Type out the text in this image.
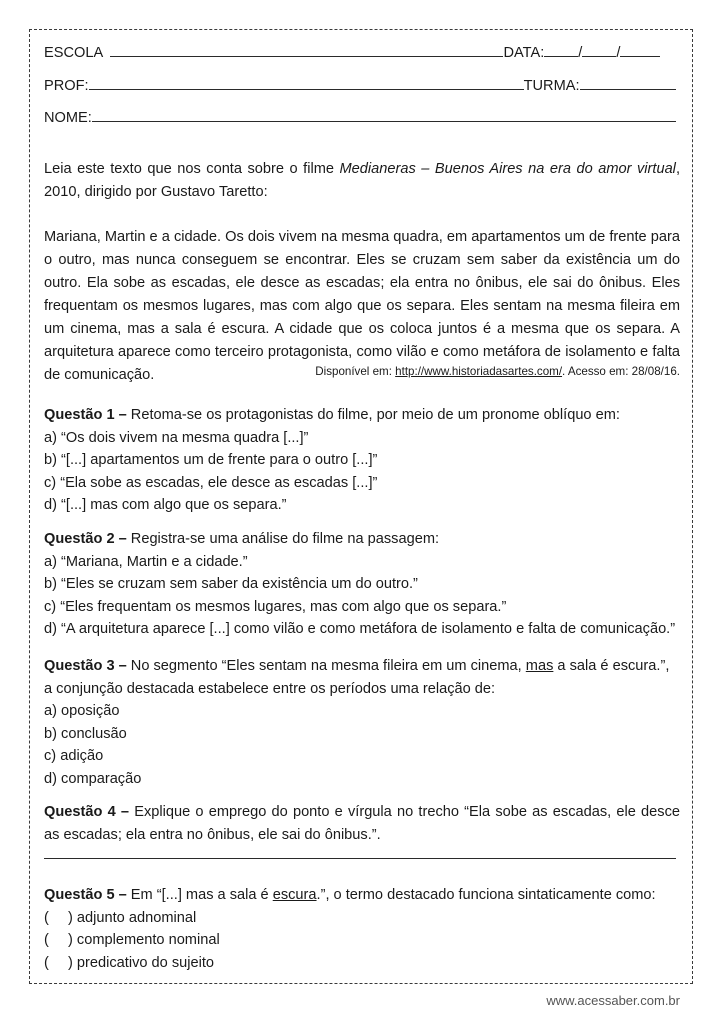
ESCOLA	DATA: / /
PROF:	TURMA:
NOME:
Leia este texto que nos conta sobre o filme Medianeras – Buenos Aires na era do amor virtual, 2010, dirigido por Gustavo Taretto:
Mariana, Martin e a cidade. Os dois vivem na mesma quadra, em apartamentos um de frente para o outro, mas nunca conseguem se encontrar. Eles se cruzam sem saber da existência um do outro. Ela sobe as escadas, ele desce as escadas; ela entra no ônibus, ele sai do ônibus. Eles frequentam os mesmos lugares, mas com algo que os separa. Eles sentam na mesma fileira em um cinema, mas a sala é escura. A cidade que os coloca juntos é a mesma que os separa. A arquitetura aparece como terceiro protagonista, como vilão e como metáfora de isolamento e falta de comunicação.	Disponível em: http://www.historiadasartes.com/. Acesso em: 28/08/16.
Questão 1 – Retoma-se os protagonistas do filme, por meio de um pronome oblíquo em:
a) “Os dois vivem na mesma quadra [...]”
b) “[...] apartamentos um de frente para o outro [...]”
c) “Ela sobe as escadas, ele desce as escadas [...]”
d) “[...] mas com algo que os separa.”
Questão 2 – Registra-se uma análise do filme na passagem:
a) “Mariana, Martin e a cidade.”
b) “Eles se cruzam sem saber da existência um do outro.”
c) “Eles frequentam os mesmos lugares, mas com algo que os separa.”
d) “A arquitetura aparece [...] como vilão e como metáfora de isolamento e falta de comunicação.”
Questão 3 – No segmento “Eles sentam na mesma fileira em um cinema, mas a sala é escura.”,
a conjunção destacada estabelece entre os períodos uma relação de:
a) oposição
b) conclusão
c) adição
d) comparação
Questão 4 – Explique o emprego do ponto e vírgula no trecho “Ela sobe as escadas, ele desce as escadas; ela entra no ônibus, ele sai do ônibus.”.
Questão 5 – Em “[...] mas a sala é escura.”, o termo destacado funciona sintaticamente como:
( ) adjunto adnominal
( ) complemento nominal
( ) predicativo do sujeito
www.acessaber.com.br
